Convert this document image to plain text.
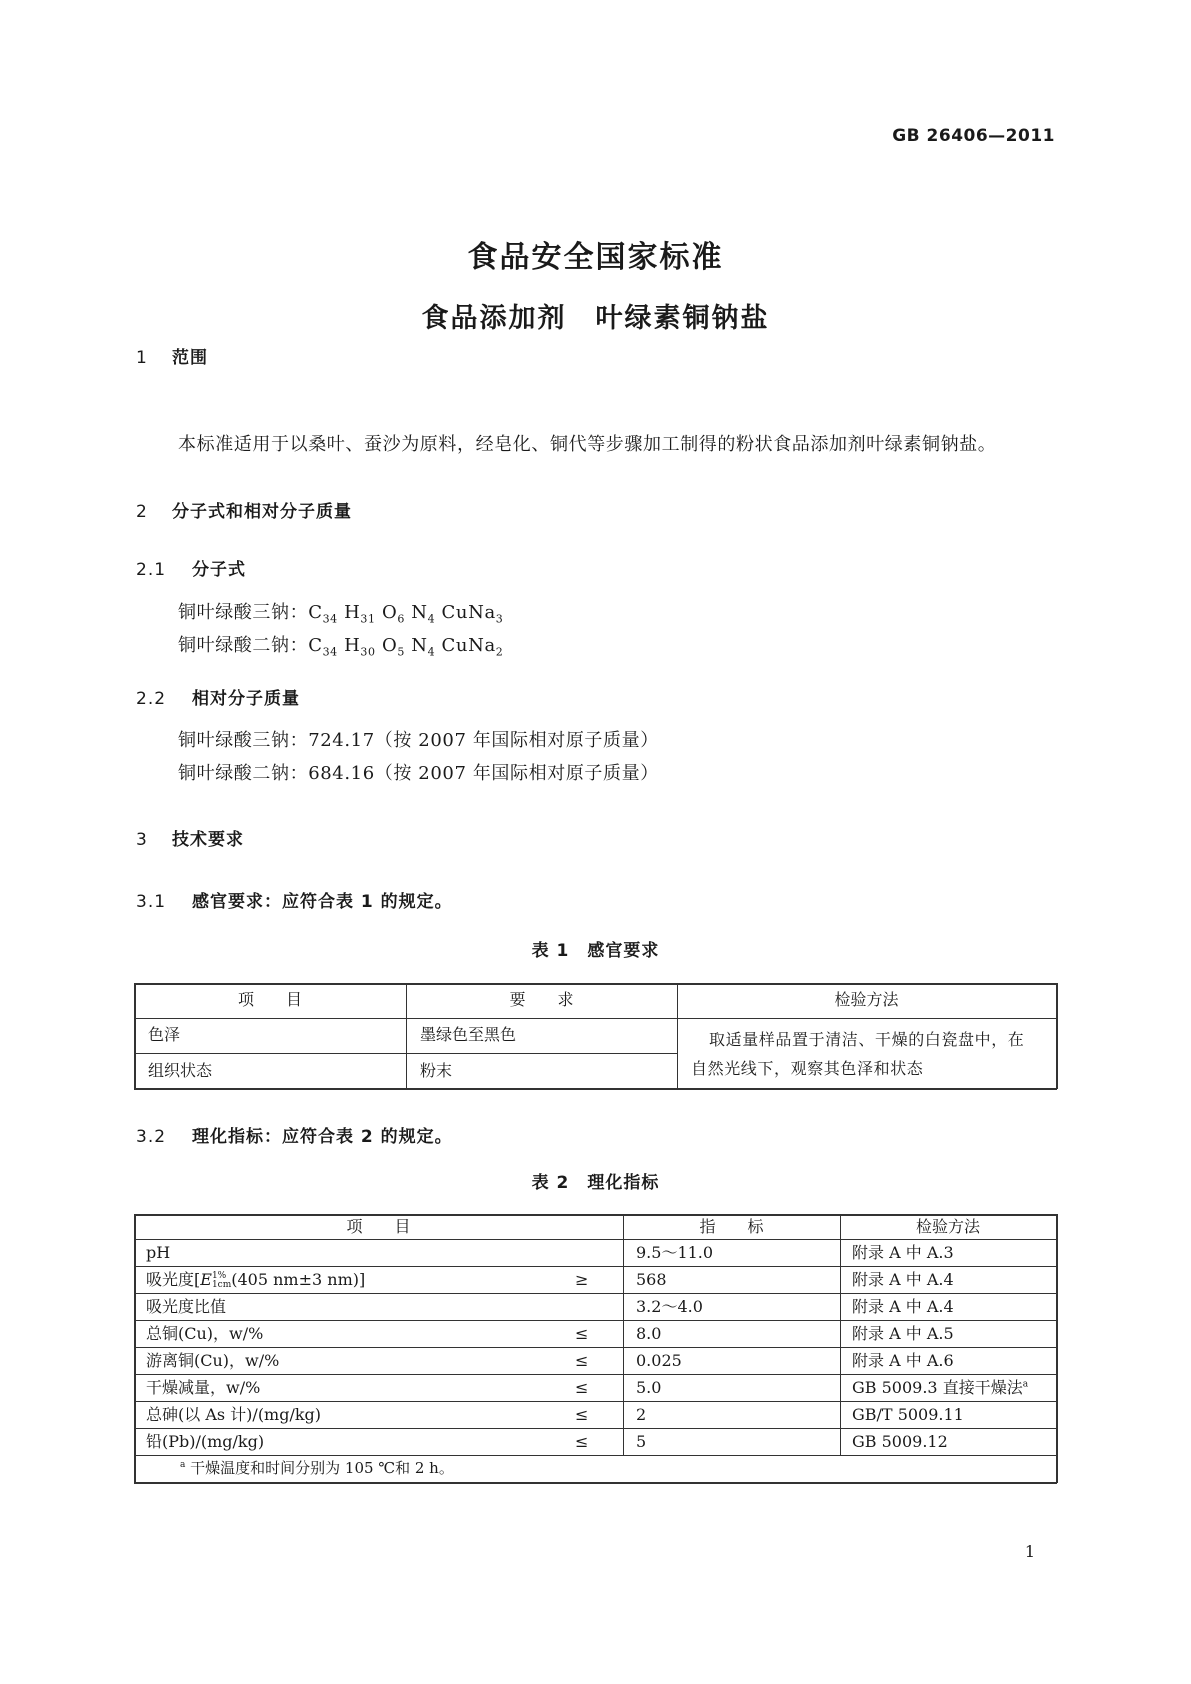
GB 26406—2011
食品安全国家标准
食品添加剂　叶绿素铜钠盐
1 范围
本标准适用于以桑叶、蚕沙为原料，经皂化、铜代等步骤加工制得的粉状食品添加剂叶绿素铜钠盐。
2 分子式和相对分子质量
2.1 分子式
铜叶绿酸三钠：$C_{34}$ $H_{31}$ $O_6$ $N_4$ CuNa$_3$
铜叶绿酸二钠：$C_{34}$ $H_{30}$ $O_5$ $N_4$ CuNa$_2$
2.2 相对分子质量
铜叶绿酸三钠：724.17（按 2007 年国际相对原子质量）
铜叶绿酸二钠：684.16（按 2007 年国际相对原子质量）
3 技术要求
3.1 感官要求：应符合表 1 的规定。
表 1　感官要求
项　　目	要　　求	检验方法
色泽	墨绿色至黑色
组织状态	粉末
取适量样品置于清洁、干燥的白瓷盘中，在
自然光线下，观察其色泽和状态
3.2 理化指标：应符合表 2 的规定。
表 2　理化指标
项　　目	指　　标	检验方法
pH	9.5～11.0	附录 A 中 A.3
吸光度[E 1%
1cm (405 nm±3 nm)]	≥	568	附录 A 中 A.4
吸光度比值	3.2～4.0	附录 A 中 A.4
总铜(Cu)，w/%	≤	8.0	附录 A 中 A.5
游离铜(Cu)，w/%	≤	0.025	附录 A 中 A.6
干燥减量，w/%	≤	5.0	GB 5009.3 直接干燥法$^a$
总砷(以 As 计)/(mg/kg)	≤	2	GB/T 5009.11
铅(Pb)/(mg/kg)	≤	5	GB 5009.12
$^a$ 干燥温度和时间分别为 105 ℃和 2 h。
1
